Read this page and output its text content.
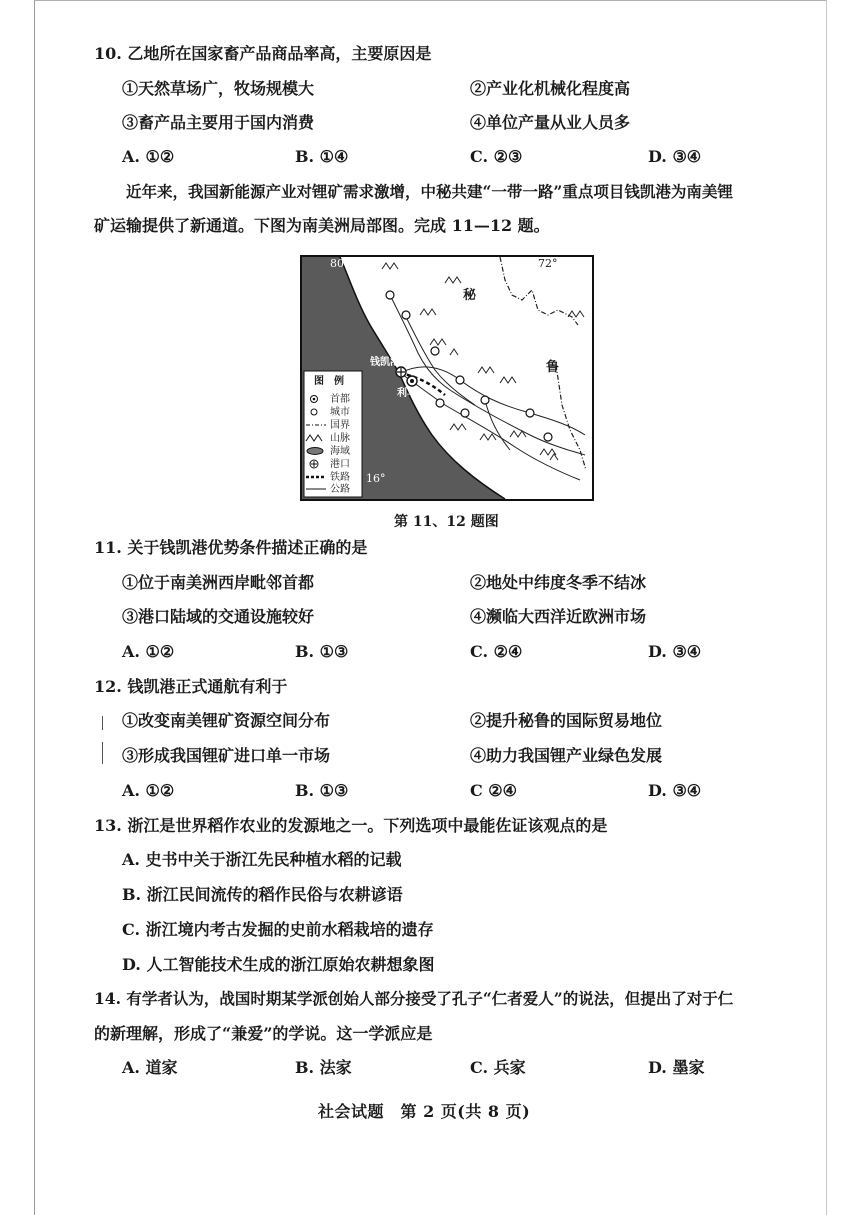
10. 乙地所在国家畜产品商品率高，主要原因是
①天然草场广，牧场规模大	②产业化机械化程度高
③畜产品主要用于国内消费	④单位产量从业人员多
A. ①②	B. ①④	C. ②③	D. ③④
近年来，我国新能源产业对锂矿需求激增，中秘共建“一带一路”重点项目钱凯港为南美锂
矿运输提供了新通道。下图为南美洲局部图。完成 11—12 题。
80°	72°
16°
秘
鲁
钱凯港
利马
图　例
首都
城市
国界
山脉
海域
港口
铁路
公路
第 11、12 题图
11. 关于钱凯港优势条件描述正确的是
①位于南美洲西岸毗邻首都	②地处中纬度冬季不结冰
③港口陆域的交通设施较好	④濒临大西洋近欧洲市场
A. ①②	B. ①③	C. ②④	D. ③④
12. 钱凯港正式通航有利于
①改变南美锂矿资源空间分布	②提升秘鲁的国际贸易地位
③形成我国锂矿进口单一市场	④助力我国锂产业绿色发展
A. ①②	B. ①③	C ②④	D. ③④
13. 浙江是世界稻作农业的发源地之一。下列选项中最能佐证该观点的是
A. 史书中关于浙江先民种植水稻的记载
B. 浙江民间流传的稻作民俗与农耕谚语
C. 浙江境内考古发掘的史前水稻栽培的遗存
D. 人工智能技术生成的浙江原始农耕想象图
14. 有学者认为，战国时期某学派创始人部分接受了孔子“仁者爱人”的说法，但提出了对于仁
的新理解，形成了“兼爱”的学说。这一学派应是
A. 道家	B. 法家	C. 兵家	D. 墨家
社会试题　第 2 页(共 8 页)
